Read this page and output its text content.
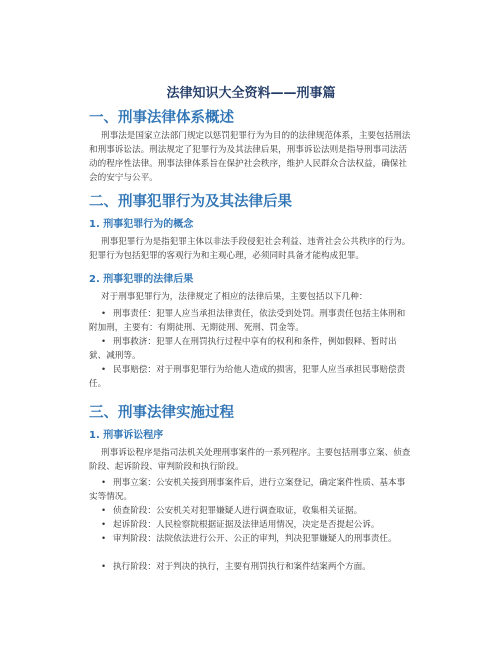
法律知识大全资料——刑事篇
一、刑事法律体系概述
刑事法是国家立法部门规定以惩罚犯罪行为为目的的法律规范体系，主要包括刑法和刑事诉讼法。刑法规定了犯罪行为及其法律后果，刑事诉讼法则是指导刑事司法活动的程序性法律。刑事法律体系旨在保护社会秩序，维护人民群众合法权益，确保社会的安宁与公平。
二、刑事犯罪行为及其法律后果
1. 刑事犯罪行为的概念
刑事犯罪行为是指犯罪主体以非法手段侵犯社会利益、违背社会公共秩序的行为。犯罪行为包括犯罪的客观行为和主观心理，必须同时具备才能构成犯罪。
2. 刑事犯罪的法律后果
对于刑事犯罪行为，法律规定了相应的法律后果，主要包括以下几种：
• 刑事责任：犯罪人应当承担法律责任，依法受到处罚。刑事责任包括主体刑和附加刑，主要有：有期徒刑、无期徒刑、死刑、罚金等。
• 刑事救济：犯罪人在刑罚执行过程中享有的权利和条件，例如假释、暂时出狱、减刑等。
• 民事赔偿：对于刑事犯罪行为给他人造成的损害，犯罪人应当承担民事赔偿责任。
三、刑事法律实施过程
1. 刑事诉讼程序
刑事诉讼程序是指司法机关处理刑事案件的一系列程序。主要包括刑事立案、侦查阶段、起诉阶段、审判阶段和执行阶段。
• 刑事立案：公安机关接到刑事案件后，进行立案登记，确定案件性质、基本事实等情况。
• 侦查阶段：公安机关对犯罪嫌疑人进行调查取证，收集相关证据。
• 起诉阶段：人民检察院根据证据及法律适用情况，决定是否提起公诉。
• 审判阶段：法院依法进行公开、公正的审判，判决犯罪嫌疑人的刑事责任。
• 执行阶段：对于判决的执行，主要有刑罚执行和案件结案两个方面。
